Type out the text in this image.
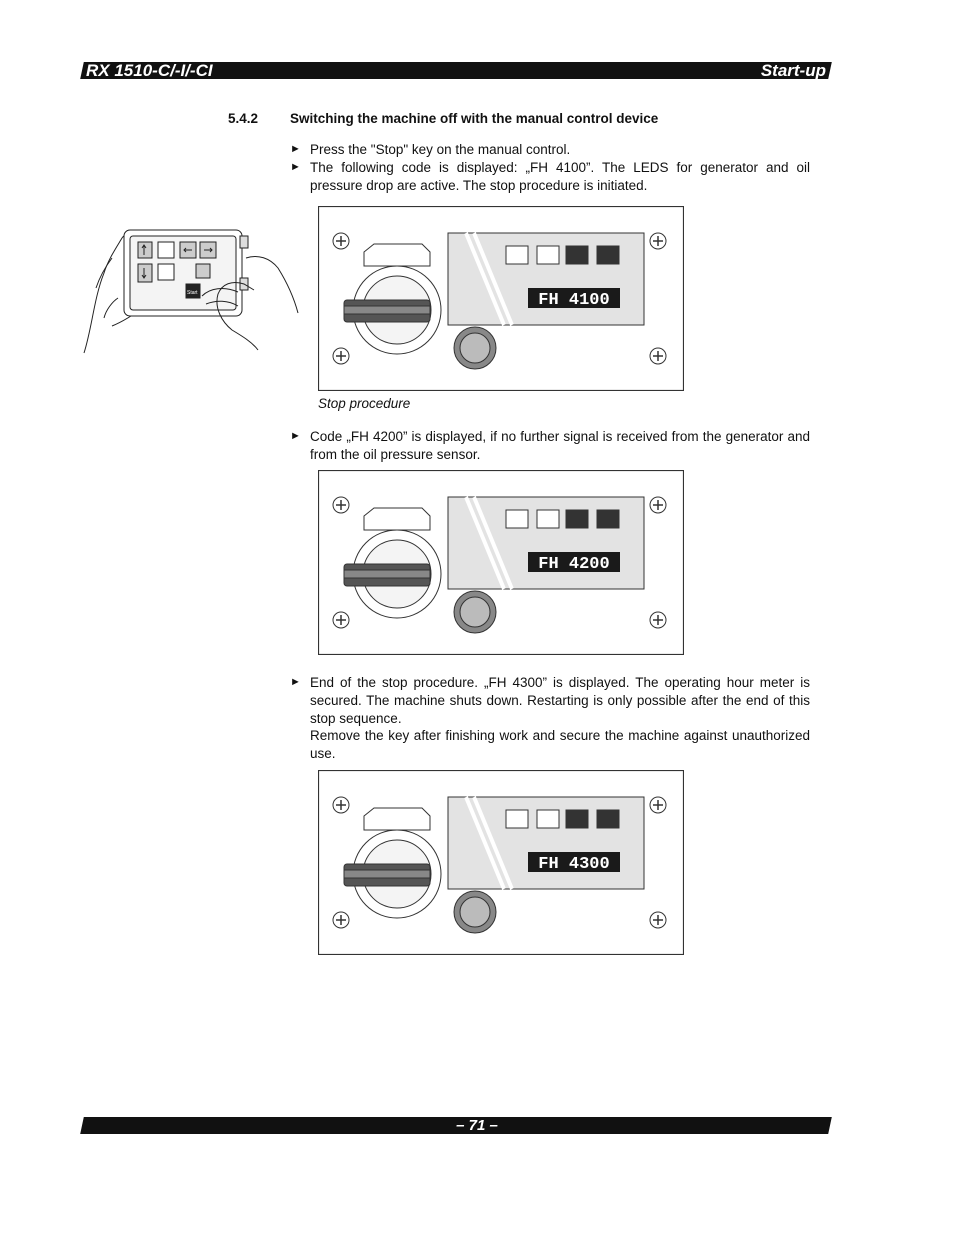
RX 1510-C/-I/-CI	Start-up
5.4.2 Switching the machine off with the manual control device
► Press the "Stop" key on the manual control.
► The following code is displayed: „FH 4100”. The LEDS for generator and oil pressure drop are active. The stop procedure is initiated.
Start	FH 4100
Stop procedure
► Code „FH 4200” is displayed, if no further signal is received from the generator and from the oil pressure sensor.
FH 4200
► End of the stop procedure. „FH 4300” is displayed. The operating hour meter is secured. The machine shuts down. Restarting is only possible after the end of this stop sequence.
Remove the key after finishing work and secure the machine against unauthorized use.
FH 4300
– 71 –
